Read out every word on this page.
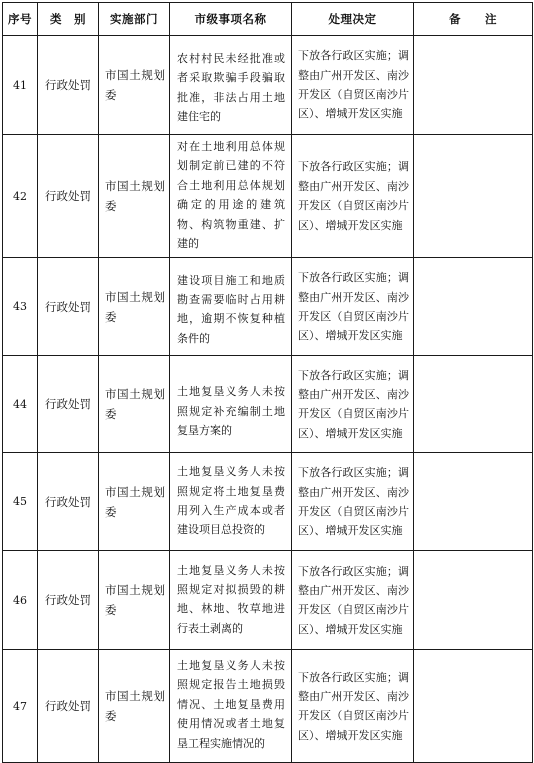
序号	类　别	实施部门	市级事项名称	处理决定	备　　注
41	行政处罚	市国土规划委	农村村民未经批准或者采取欺骗手段骗取批准，非法占用土地建住宅的	下放各行政区实施；调整由广州开发区、南沙开发区（自贸区南沙片区）、增城开发区实施	

42	行政处罚	市国土规划委	对在土地利用总体规划制定前已建的不符合土地利用总体规划确定的用途的建筑物、构筑物重建、扩建的	下放各行政区实施；调整由广州开发区、南沙开发区（自贸区南沙片区）、增城开发区实施	

43	行政处罚	市国土规划委	建设项目施工和地质勘查需要临时占用耕地，逾期不恢复种植条件的	下放各行政区实施；调整由广州开发区、南沙开发区（自贸区南沙片区）、增城开发区实施	

44	行政处罚	市国土规划委	土地复垦义务人未按照规定补充编制土地复垦方案的	下放各行政区实施；调整由广州开发区、南沙开发区（自贸区南沙片区）、增城开发区实施	

45	行政处罚	市国土规划委	土地复垦义务人未按照规定将土地复垦费用列入生产成本或者建设项目总投资的	下放各行政区实施；调整由广州开发区、南沙开发区（自贸区南沙片区）、增城开发区实施	

46	行政处罚	市国土规划委	土地复垦义务人未按照规定对拟损毁的耕地、林地、牧草地进行表土剥离的	下放各行政区实施；调整由广州开发区、南沙开发区（自贸区南沙片区）、增城开发区实施	

47	行政处罚	市国土规划委	土地复垦义务人未按照规定报告土地损毁情况、土地复垦费用使用情况或者土地复垦工程实施情况的	下放各行政区实施；调整由广州开发区、南沙开发区（自贸区南沙片区）、增城开发区实施	
